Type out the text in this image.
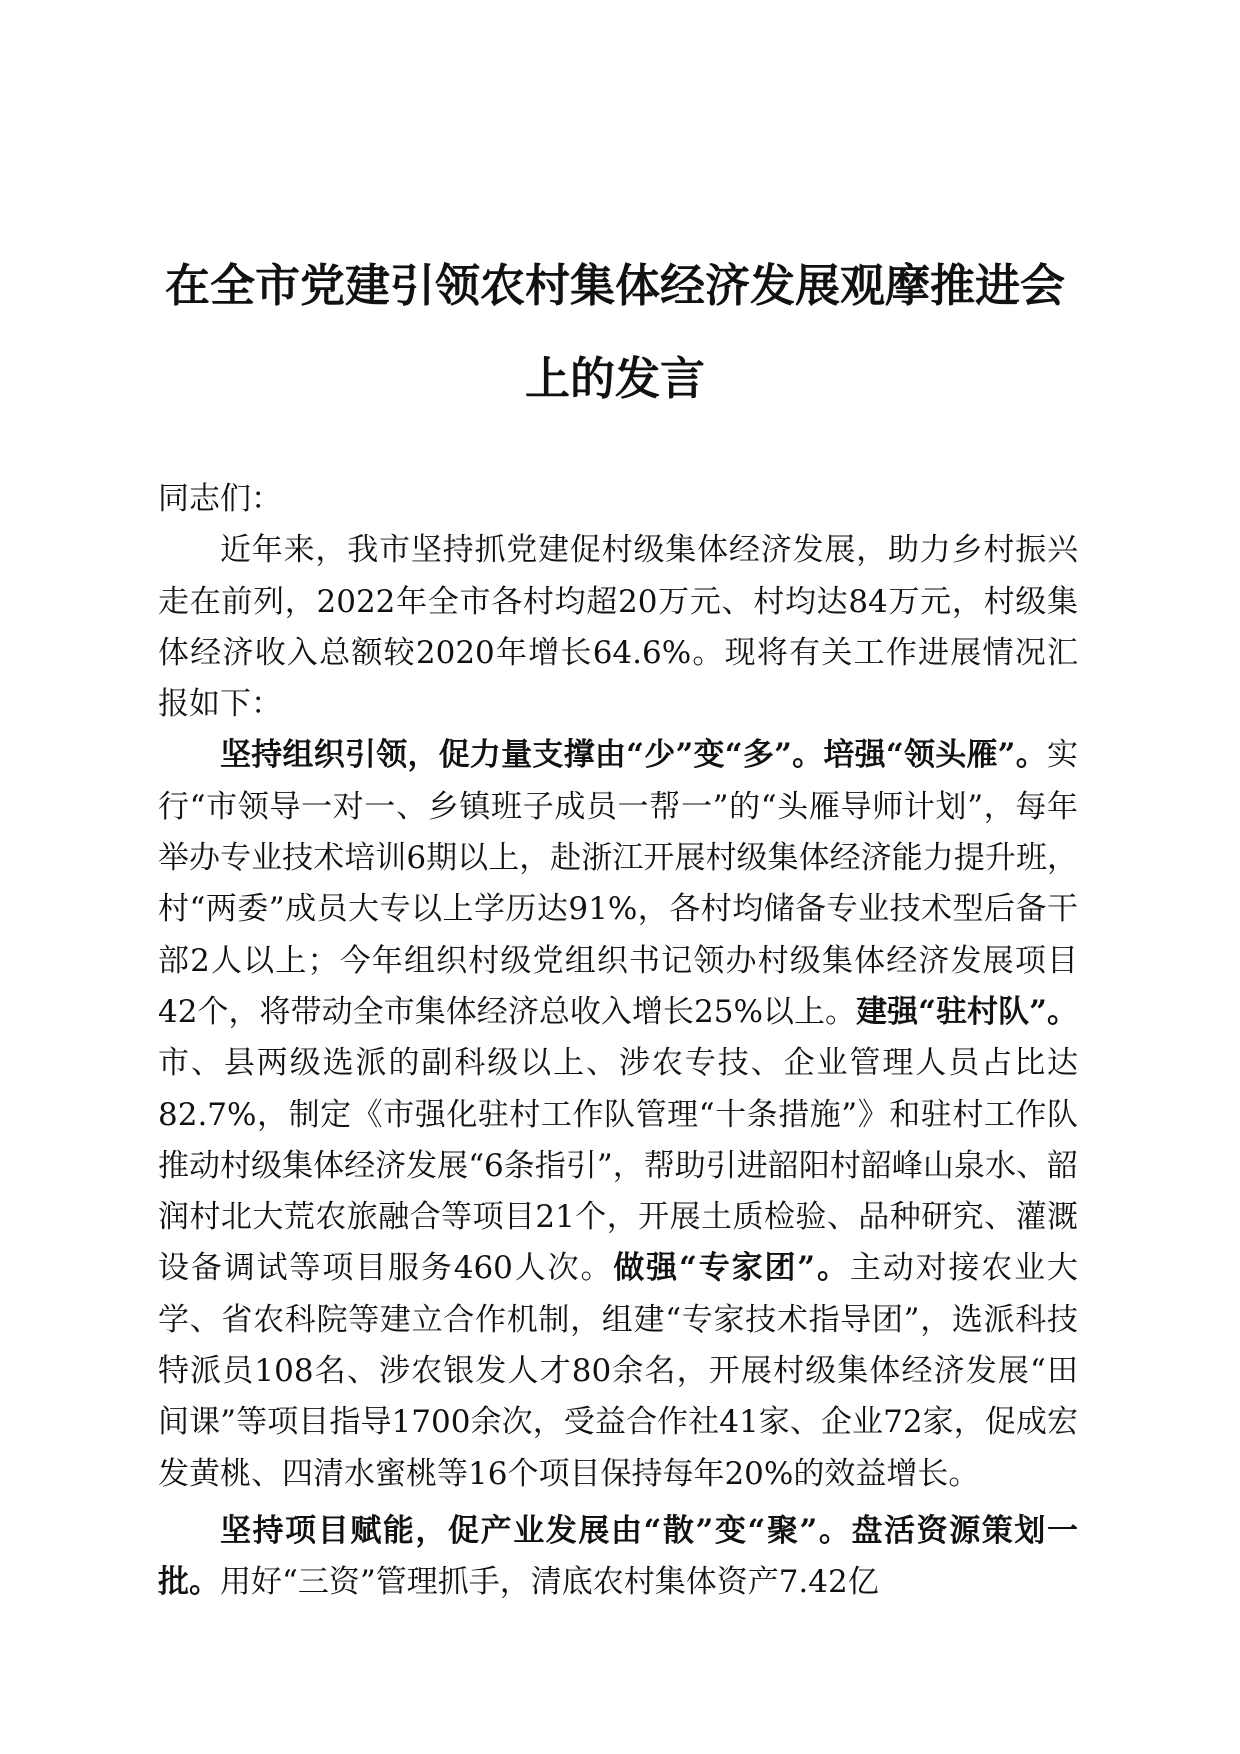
在全市党建引领农村集体经济发展观摩推进会
上的发言

同志们：

近年来，我市坚持抓党建促村级集体经济发展，助力乡村振兴走在前列，2022年全市各村均超20万元、村均达84万元，村级集体经济收入总额较2020年增长64.6%。现将有关工作进展情况汇报如下：

坚持组织引领，促力量支撑由“少”变“多”。培强“领头雁”。实行“市领导一对一、乡镇班子成员一帮一”的“头雁导师计划”，每年举办专业技术培训6期以上，赴浙江开展村级集体经济能力提升班，村“两委”成员大专以上学历达91%，各村均储备专业技术型后备干部2人以上；今年组织村级党组织书记领办村级集体经济发展项目42个，将带动全市集体经济总收入增长25%以上。建强“驻村队”。市、县两级选派的副科级以上、涉农专技、企业管理人员占比达82.7%，制定《市强化驻村工作队管理“十条措施”》和驻村工作队推动村级集体经济发展“6条指引”，帮助引进韶阳村韶峰山泉水、韶润村北大荒农旅融合等项目21个，开展土质检验、品种研究、灌溉设备调试等项目服务460人次。做强“专家团”。主动对接农业大学、省农科院等建立合作机制，组建“专家技术指导团”，选派科技特派员108名、涉农银发人才80余名，开展村级集体经济发展“田间课”等项目指导1700余次，受益合作社41家、企业72家，促成宏发黄桃、四清水蜜桃等16个项目保持每年20%的效益增长。

坚持项目赋能，促产业发展由“散”变“聚”。盘活资源策划一批。用好“三资”管理抓手，清底农村集体资产7.42亿
